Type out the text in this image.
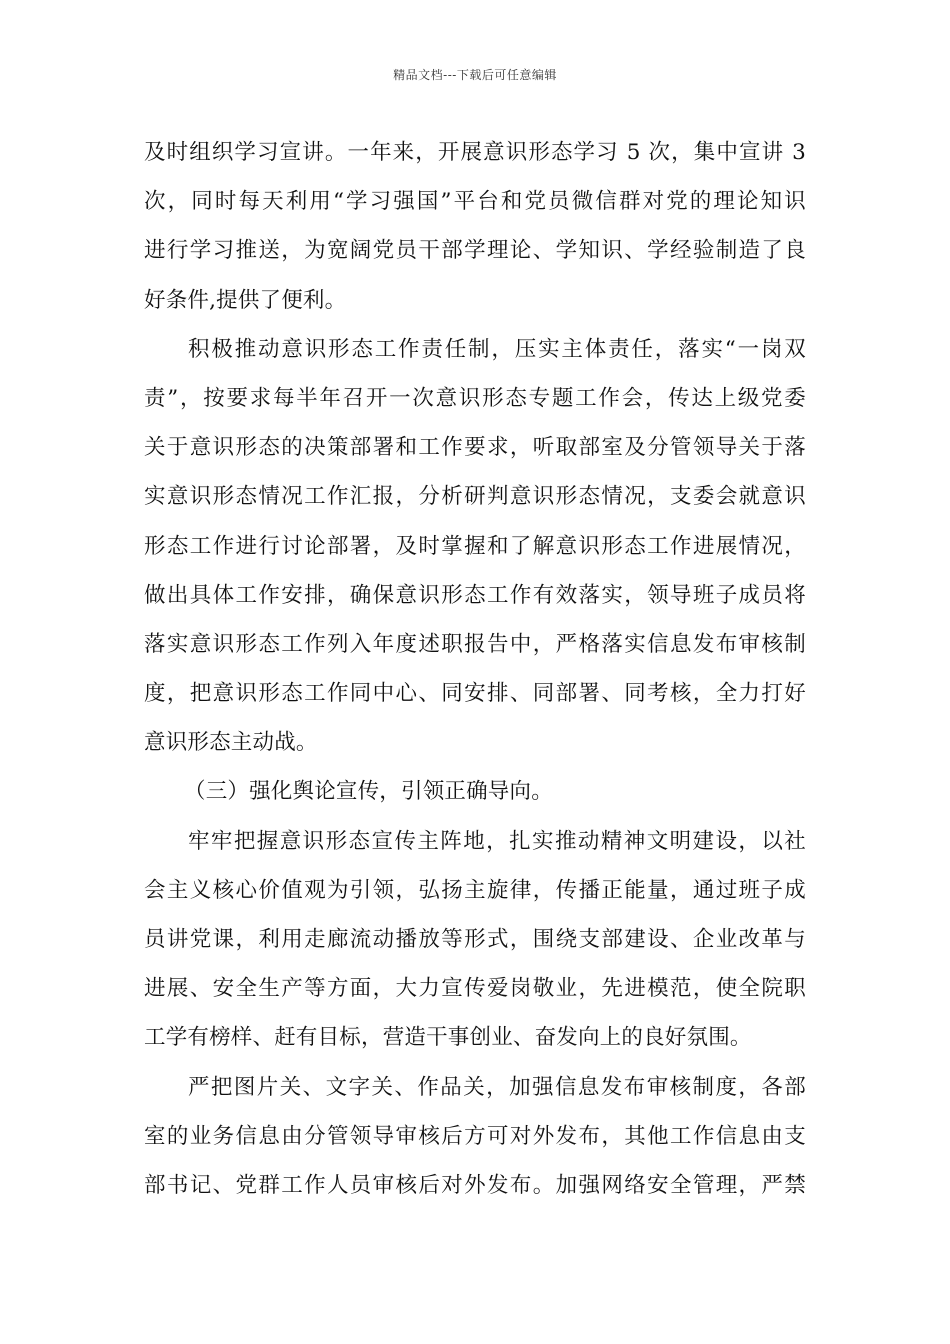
精品文档---下载后可任意编辑
及时组织学习宣讲。一年来，开展意识形态学习 5 次，集中宣讲 3
次，同时每天利用“学习强国”平台和党员微信群对党的理论知识
进行学习推送，为宽阔党员干部学理论、学知识、学经验制造了良
好条件,提供了便利。
积极推动意识形态工作责任制，压实主体责任，落实“一岗双
责”，按要求每半年召开一次意识形态专题工作会，传达上级党委
关于意识形态的决策部署和工作要求，听取部室及分管领导关于落
实意识形态情况工作汇报，分析研判意识形态情况，支委会就意识
形态工作进行讨论部署，及时掌握和了解意识形态工作进展情况，
做出具体工作安排，确保意识形态工作有效落实，领导班子成员将
落实意识形态工作列入年度述职报告中，严格落实信息发布审核制
度，把意识形态工作同中心、同安排、同部署、同考核，全力打好
意识形态主动战。
（三）强化舆论宣传，引领正确导向。
牢牢把握意识形态宣传主阵地，扎实推动精神文明建设，以社
会主义核心价值观为引领，弘扬主旋律，传播正能量，通过班子成
员讲党课，利用走廊流动播放等形式，围绕支部建设、企业改革与
进展、安全生产等方面，大力宣传爱岗敬业，先进模范，使全院职
工学有榜样、赶有目标，营造干事创业、奋发向上的良好氛围。
严把图片关、文字关、作品关，加强信息发布审核制度，各部
室的业务信息由分管领导审核后方可对外发布，其他工作信息由支
部书记、党群工作人员审核后对外发布。加强网络安全管理，严禁
